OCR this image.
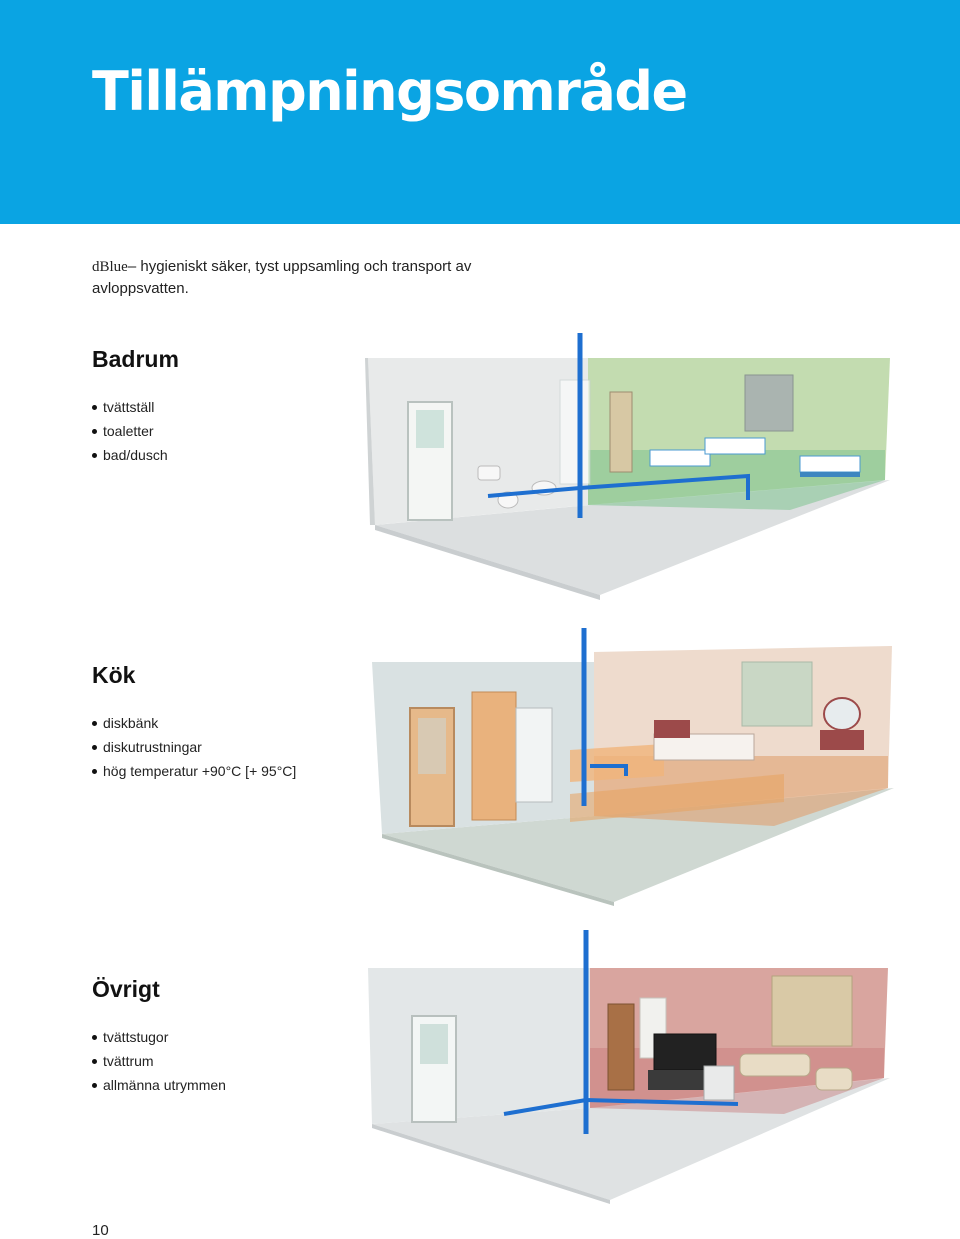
Tillämpningsområde
dBlue– hygieniskt säker, tyst uppsamling och transport av avloppsvatten.
Badrum
tvättställ
toaletter
bad/dusch
Kök
diskbänk
diskutrustningar
hög temperatur +90°C [+ 95°C]
Övrigt
tvättstugor
tvättrum
allmänna utrymmen
10
